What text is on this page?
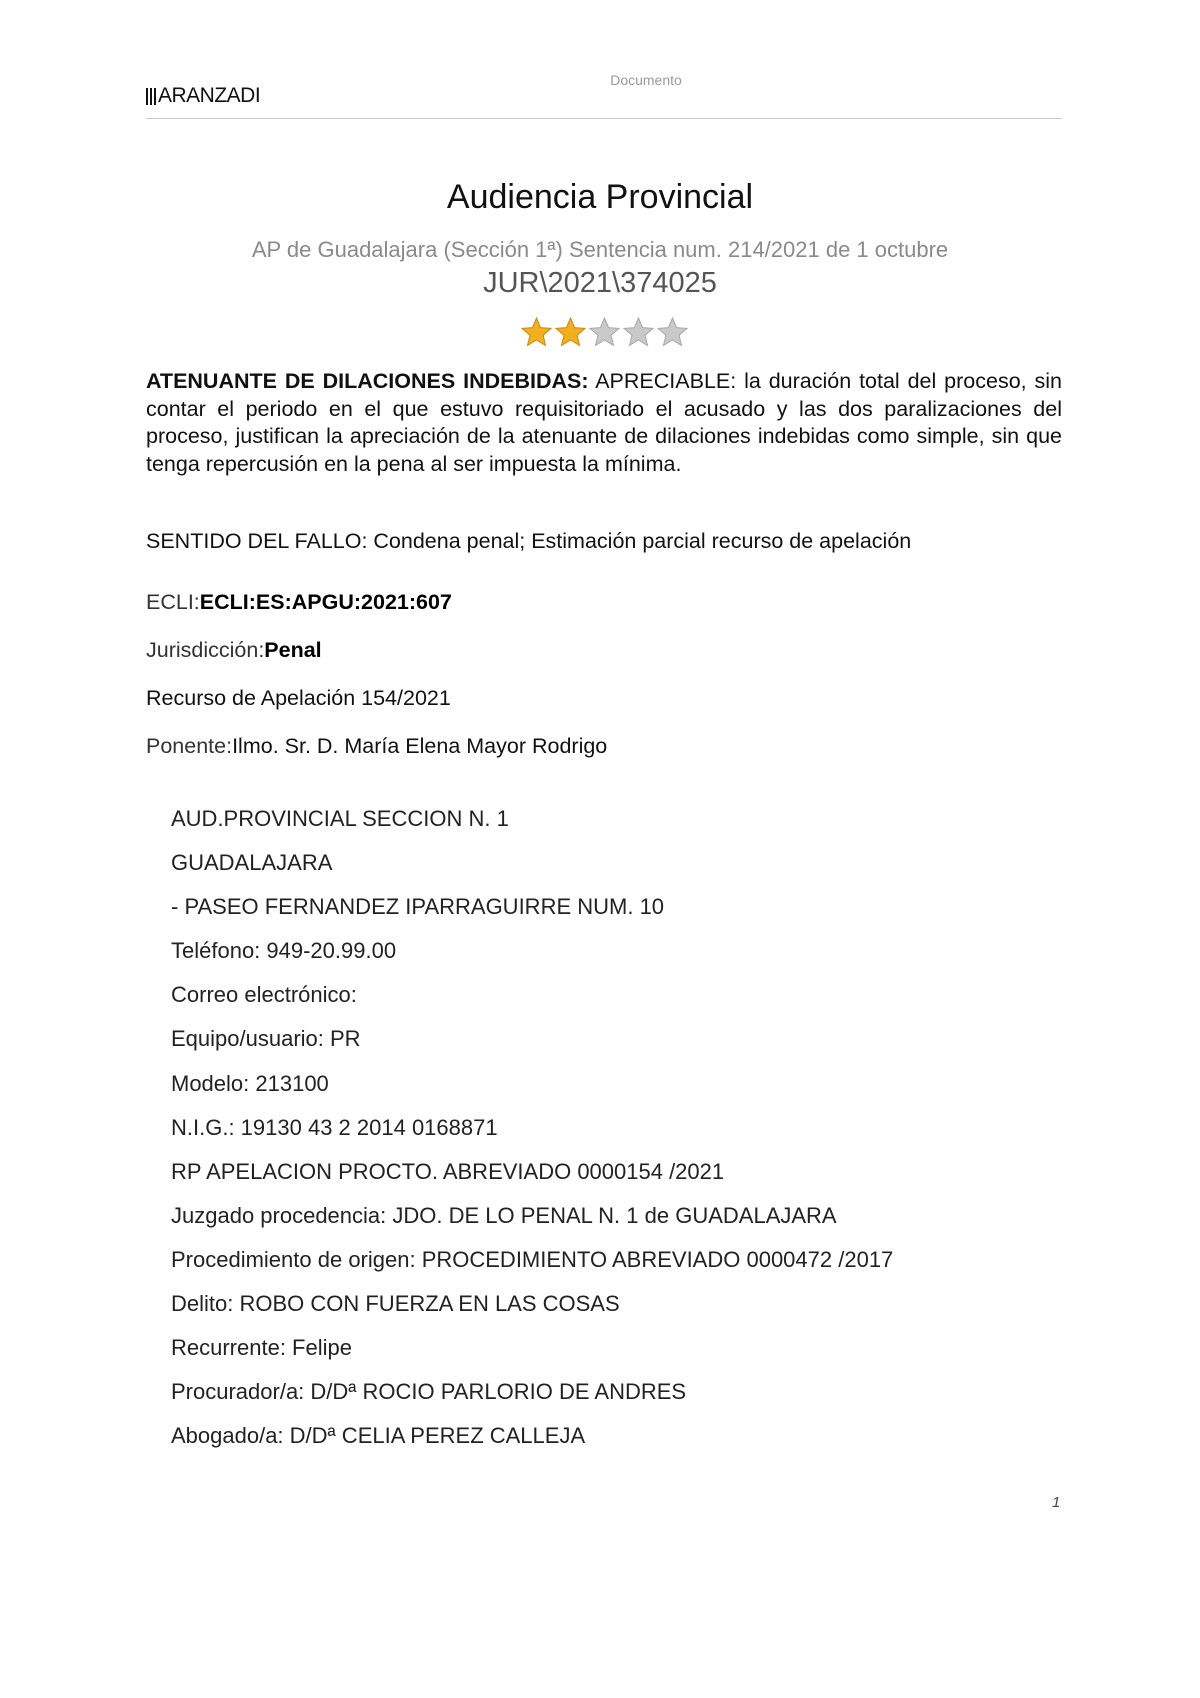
ARANZADI
Documento
Audiencia Provincial
AP de Guadalajara (Sección 1ª) Sentencia num. 214/2021 de 1 octubre
JUR\2021\374025
ATENUANTE DE DILACIONES INDEBIDAS: APRECIABLE: la duración total del proceso, sin contar el periodo en el que estuvo requisitoriado el acusado y las dos paralizaciones del proceso, justifican la apreciación de la atenuante de dilaciones indebidas como simple, sin que tenga repercusión en la pena al ser impuesta la mínima.
SENTIDO DEL FALLO: Condena penal; Estimación parcial recurso de apelación
ECLI:ECLI:ES:APGU:2021:607
Jurisdicción:Penal
Recurso de Apelación 154/2021
Ponente:Ilmo. Sr. D. María Elena Mayor Rodrigo
AUD.PROVINCIAL SECCION N. 1
GUADALAJARA
- PASEO FERNANDEZ IPARRAGUIRRE NUM. 10
Teléfono: 949-20.99.00
Correo electrónico:
Equipo/usuario: PR
Modelo: 213100
N.I.G.: 19130 43 2 2014 0168871
RP APELACION PROCTO. ABREVIADO 0000154 /2021
Juzgado procedencia: JDO. DE LO PENAL N. 1 de GUADALAJARA
Procedimiento de origen: PROCEDIMIENTO ABREVIADO 0000472 /2017
Delito: ROBO CON FUERZA EN LAS COSAS
Recurrente: Felipe
Procurador/a: D/Dª ROCIO PARLORIO DE ANDRES
Abogado/a: D/Dª CELIA PEREZ CALLEJA
1
